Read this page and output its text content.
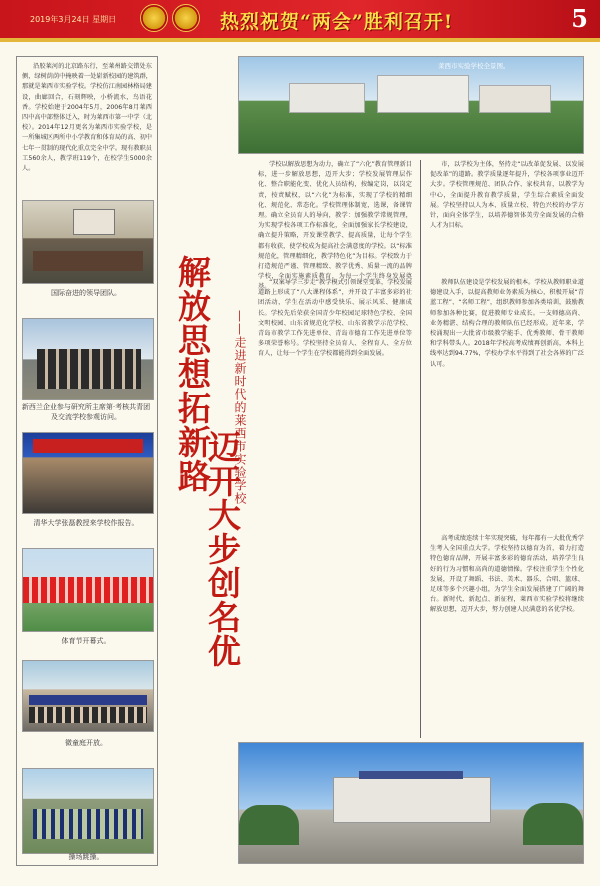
2019年3月24日 星期日	热烈祝贺“两会”胜利召开!	5

沿胶莱河的北京路东行，至莱州路交错处东侧，绿树荫荫中掩映着一处崭新校园的建筑群，那就是莱西市实验学校。学校仿江南园林格局建设，曲廊回合，石刻辉映，小桥流水，鸟语花香。学校始建于2004年5月，2006年8月莱西四中高中部整体迁入，时为莱西市第一中学（北校）。2014年12月更名为莱西市实验学校，是一所集城区两所中小学教育和体育局的高、初中七年一贯制的现代化重点完全中学。现有教职员工560余人，教学班119个，在校学生5000余人。

国际奋进的领导团队。
新西兰企业参与研究所主席第·考核共青团及交流学校参观访问。
清华大学张磊教授来学校作报告。
体育节开幕式。
微童庭开放。
操场跳操。
莱西市实验学校全景图。

学校以解放思想为动力，确立了“六化”教育管理新目标，进一步解放思想，迈开大步；学校发展管理层作化、整合职能化变、优化人员结构，按编定岗，以岗定责，按责赋权，以“六化”为标准，实现了学校的精细化、规范化、常态化。学校管理体制宽，选课，备课管理。确立全员育人的导向，教学：加强教学常规管理，为实现学校各项工作标准化，全面加强家长学校建设，确立提升策略，开发课堂教学、提高质量，让每个学生都有收获，使学校成为提高社会满意度的学校。以“标准规范化，管理精细化，教学特色化”为目标。学校致力于打造规范严谨、管理精致、教学优秀、质量一流的品牌学校，全面实施素质教育，为每一个学生终身发展奠基。

市，以学校为主体，坚持走“以改革促发展、以发展促改革”的道路。教学质量逐年提升，学校各项事业迈开大步。学校管理规范、团队合作、家校共育，以教学为中心，全面提升教育教学质量，学生综合素质全面发展。学校坚持以人为本、质量立校、特色兴校的办学方针，面向全体学生，以培养德智体美劳全面发展的合格人才为目标。

解放思想拓新路
迈开大步创名优
——走进新时代的莱西市实验学校

“双案导学三步走”教学模式引领课堂变革，学校发展道路上形成了“八大课程体系”，并开设了丰富多彩的社团活动，学生在活动中感受快乐、展示风采、健康成长。学校先后荣获全国青少年校园足球特色学校、全国文明校园、山东省规范化学校、山东省教学示范学校、青岛市教学工作先进单位、青岛市德育工作先进单位等多项荣誉称号。学校坚持全员育人、全程育人、全方位育人，让每一个学生在学校都能得到全面发展。

教师队伍建设是学校发展的根本。学校从教师职业道德建设入手，以提高教师业务素质为核心，积极开展“青蓝工程”、“名师工程”，组织教师参加各类培训，鼓励教师参加各种比赛，促进教师专业成长。一支师德高尚、业务精湛、结构合理的教师队伍已经形成。近年来，学校涌现出一大批省市级教学能手、优秀教师、骨干教师和学科带头人。2018年学校高考成绩再创新高，本科上线率达到94.77%，学校办学水平得到了社会各界的广泛认可。

高考成绩连续十年实现突破，每年都有一大批优秀学生考入全国重点大学。学校坚持以德育为首，着力打造特色德育品牌，开展丰富多彩的德育活动，培养学生良好的行为习惯和高尚的道德情操。学校注重学生个性化发展，开设了舞蹈、书法、美术、器乐、合唱、篮球、足球等多个兴趣小组，为学生全面发展搭建了广阔的舞台。新时代、新起点、新征程，莱西市实验学校将继续解放思想，迈开大步，努力创建人民满意的名优学校。
